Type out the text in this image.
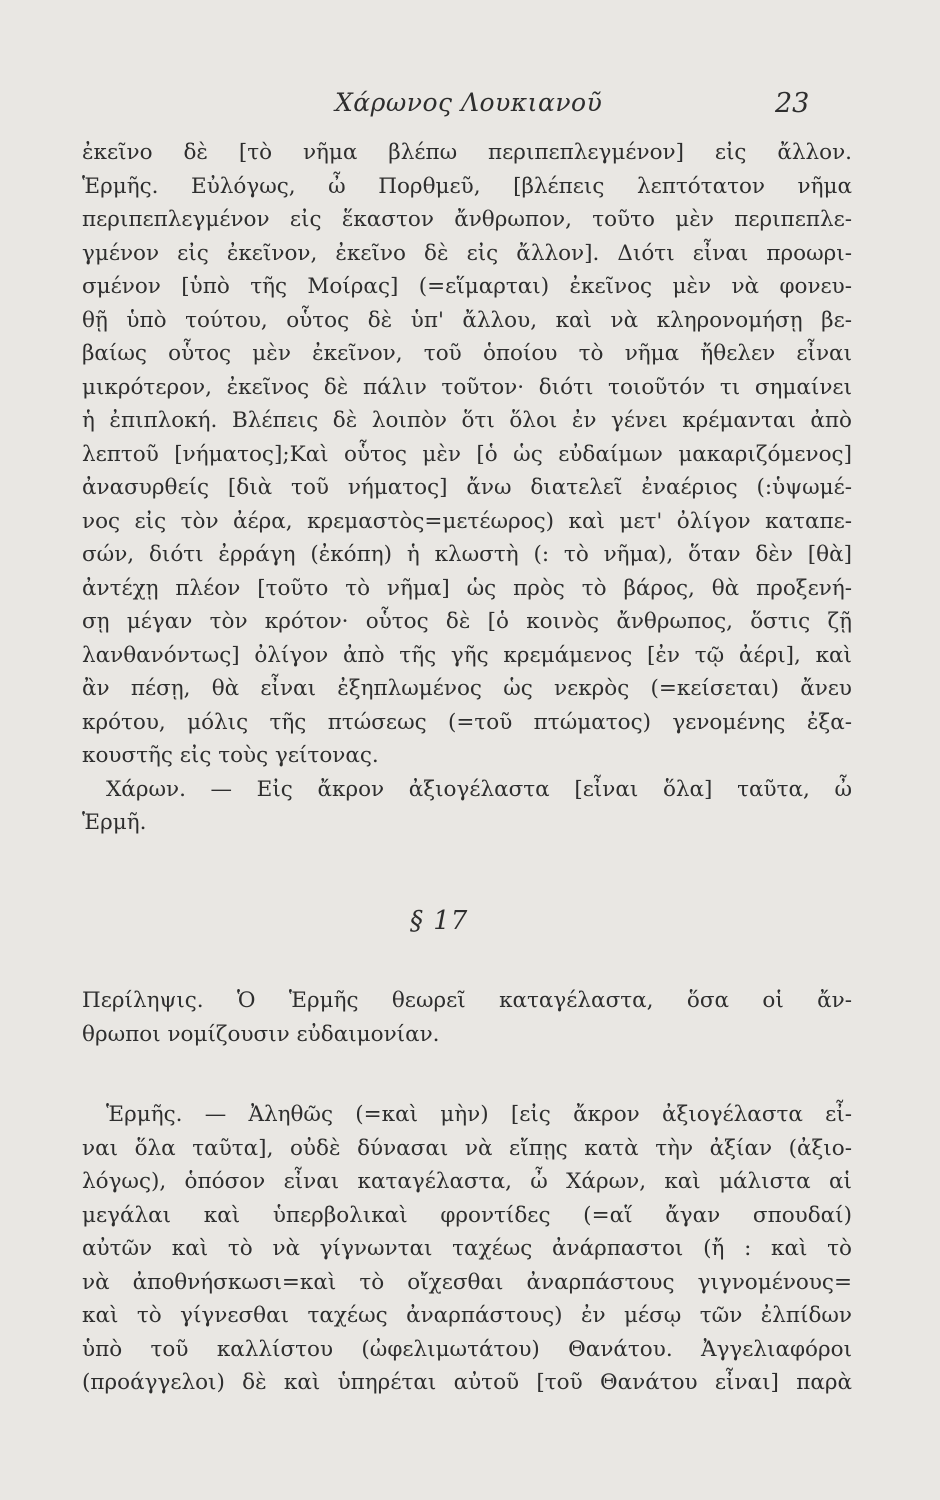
Χάρωνος Λουκιανοῦ	23
ἐκεῖνο δὲ [τὸ νῆμα βλέπω περιπεπλεγμένον] εἰς ἄλλον.
Ἑρμῆς. Εὐλόγως, ὦ Πορθμεῦ, [βλέπεις λεπτότατον νῆμα
περιπεπλεγμένον εἰς ἕκαστον ἄνθρωπον, τοῦτο μὲν περιπεπλε-
γμένον εἰς ἐκεῖνον, ἐκεῖνο δὲ εἰς ἄλλον]. Διότι εἶναι προωρι-
σμένον [ὑπὸ τῆς Μοίρας] (=εἵμαρται) ἐκεῖνος μὲν νὰ φονευ-
θῇ ὑπὸ τούτου, οὗτος δὲ ὑπ' ἄλλου, καὶ νὰ κληρονομήσῃ βε-
βαίως οὗτος μὲν ἐκεῖνον, τοῦ ὁποίου τὸ νῆμα ἤθελεν εἶναι
μικρότερον, ἐκεῖνος δὲ πάλιν τοῦτον· διότι τοιοῦτόν τι σημαίνει
ἡ ἐπιπλοκή. Βλέπεις δὲ λοιπὸν ὅτι ὅλοι ἐν γένει κρέμανται ἀπὸ
λεπτοῦ [νήματος];Καὶ οὗτος μὲν [ὁ ὡς εὐδαίμων μακαριζόμενος]
ἀνασυρθείς [διὰ τοῦ νήματος] ἄνω διατελεῖ ἐναέριος (:ὑψωμέ-
νος εἰς τὸν ἀέρα, κρεμαστὸς=μετέωρος) καὶ μετ' ὀλίγον καταπε-
σών, διότι ἐρράγη (ἐκόπη) ἡ κλωστὴ (: τὸ νῆμα), ὅταν δὲν [θὰ]
ἀντέχῃ πλέον [τοῦτο τὸ νῆμα] ὡς πρὸς τὸ βάρος, θὰ προξενή-
σῃ μέγαν τὸν κρότον· οὗτος δὲ [ὁ κοινὸς ἄνθρωπος, ὅστις ζῇ
λανθανόντως] ὀλίγον ἀπὸ τῆς γῆς κρεμάμενος [ἐν τῷ ἀέρι], καὶ
ἂν πέσῃ, θὰ εἶναι ἐξηπλωμένος ὡς νεκρὸς (=κείσεται) ἄνευ
κρότου, μόλις τῆς πτώσεως (=τοῦ πτώματος) γενομένης ἐξα-
κουστῆς εἰς τοὺς γείτονας.
Χάρων. — Εἰς ἄκρον ἀξιογέλαστα [εἶναι ὅλα] ταῦτα, ὦ
Ἑρμῆ.
§ 17
Περίληψις. Ὁ Ἑρμῆς θεωρεῖ καταγέλαστα, ὅσα οἱ ἄν-
θρωποι νομίζουσιν εὐδαιμονίαν.
Ἑρμῆς. — Ἀληθῶς (=καὶ μὴν) [εἰς ἄκρον ἀξιογέλαστα εἶ-
ναι ὅλα ταῦτα], οὐδὲ δύνασαι νὰ εἴπῃς κατὰ τὴν ἀξίαν (ἀξιο-
λόγως), ὁπόσον εἶναι καταγέλαστα, ὦ Χάρων, καὶ μάλιστα αἱ
μεγάλαι καὶ ὑπερβολικαὶ φροντίδες (=αἵ ἄγαν σπουδαί)
αὐτῶν καὶ τὸ νὰ γίγνωνται ταχέως ἀνάρπαστοι (ἤ : καὶ τὸ
νὰ ἀποθνήσκωσι=καὶ τὸ οἴχεσθαι ἀναρπάστους γιγνομένους=
καὶ τὸ γίγνεσθαι ταχέως ἀναρπάστους) ἐν μέσῳ τῶν ἐλπίδων
ὑπὸ τοῦ καλλίστου (ὠφελιμωτάτου) Θανάτου. Ἀγγελιαφόροι
(προάγγελοι) δὲ καὶ ὑπηρέται αὐτοῦ [τοῦ Θανάτου εἶναι] παρὰ
